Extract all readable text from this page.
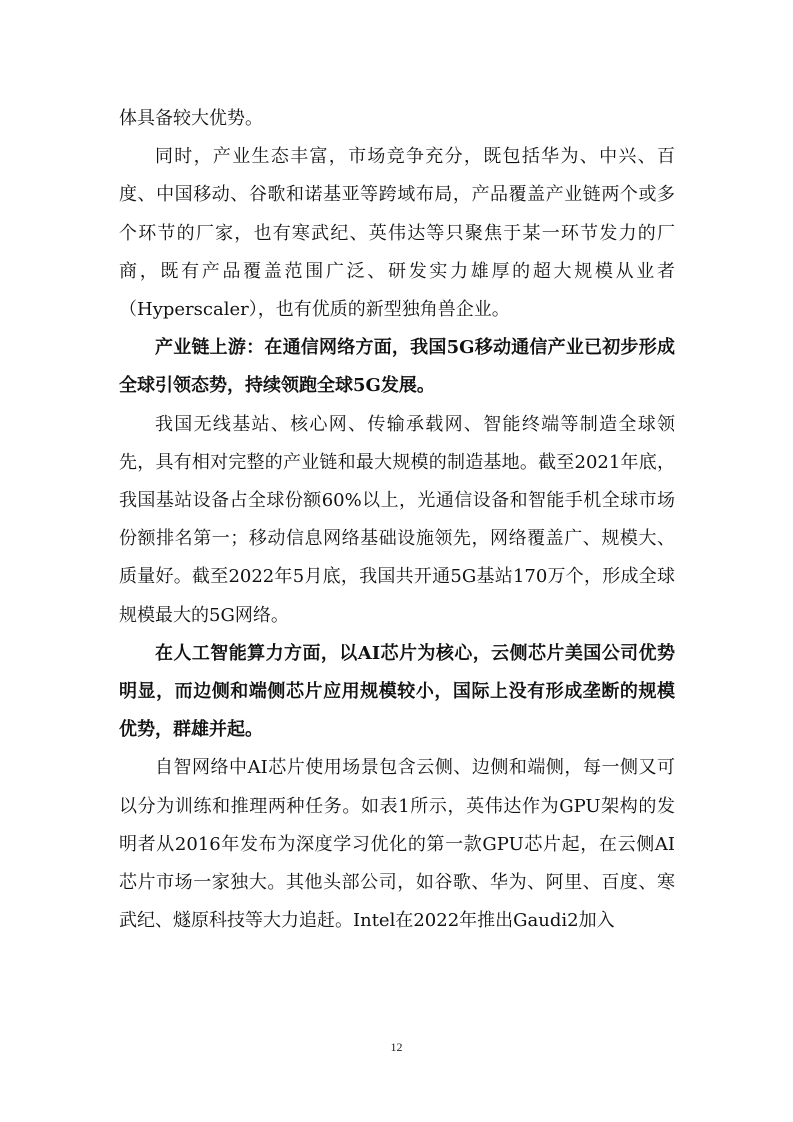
体具备较大优势。

同时，产业生态丰富，市场竞争充分，既包括华为、中兴、百度、中国移动、谷歌和诺基亚等跨域布局，产品覆盖产业链两个或多个环节的厂家，也有寒武纪、英伟达等只聚焦于某一环节发力的厂商，既有产品覆盖范围广泛、研发实力雄厚的超大规模从业者（Hyperscaler），也有优质的新型独角兽企业。

产业链上游：在通信网络方面，我国5G移动通信产业已初步形成全球引领态势，持续领跑全球5G发展。

我国无线基站、核心网、传输承载网、智能终端等制造全球领先，具有相对完整的产业链和最大规模的制造基地。截至2021年底，我国基站设备占全球份额60%以上，光通信设备和智能手机全球市场份额排名第一；移动信息网络基础设施领先，网络覆盖广、规模大、质量好。截至2022年5月底，我国共开通5G基站170万个，形成全球规模最大的5G网络。

在人工智能算力方面，以AI芯片为核心，云侧芯片美国公司优势明显，而边侧和端侧芯片应用规模较小，国际上没有形成垄断的规模优势，群雄并起。

自智网络中AI芯片使用场景包含云侧、边侧和端侧，每一侧又可以分为训练和推理两种任务。如表1所示，英伟达作为GPU架构的发明者从2016年发布为深度学习优化的第一款GPU芯片起，在云侧AI芯片市场一家独大。其他头部公司，如谷歌、华为、阿里、百度、寒武纪、燧原科技等大力追赶。Intel在2022年推出Gaudi2加入

12
